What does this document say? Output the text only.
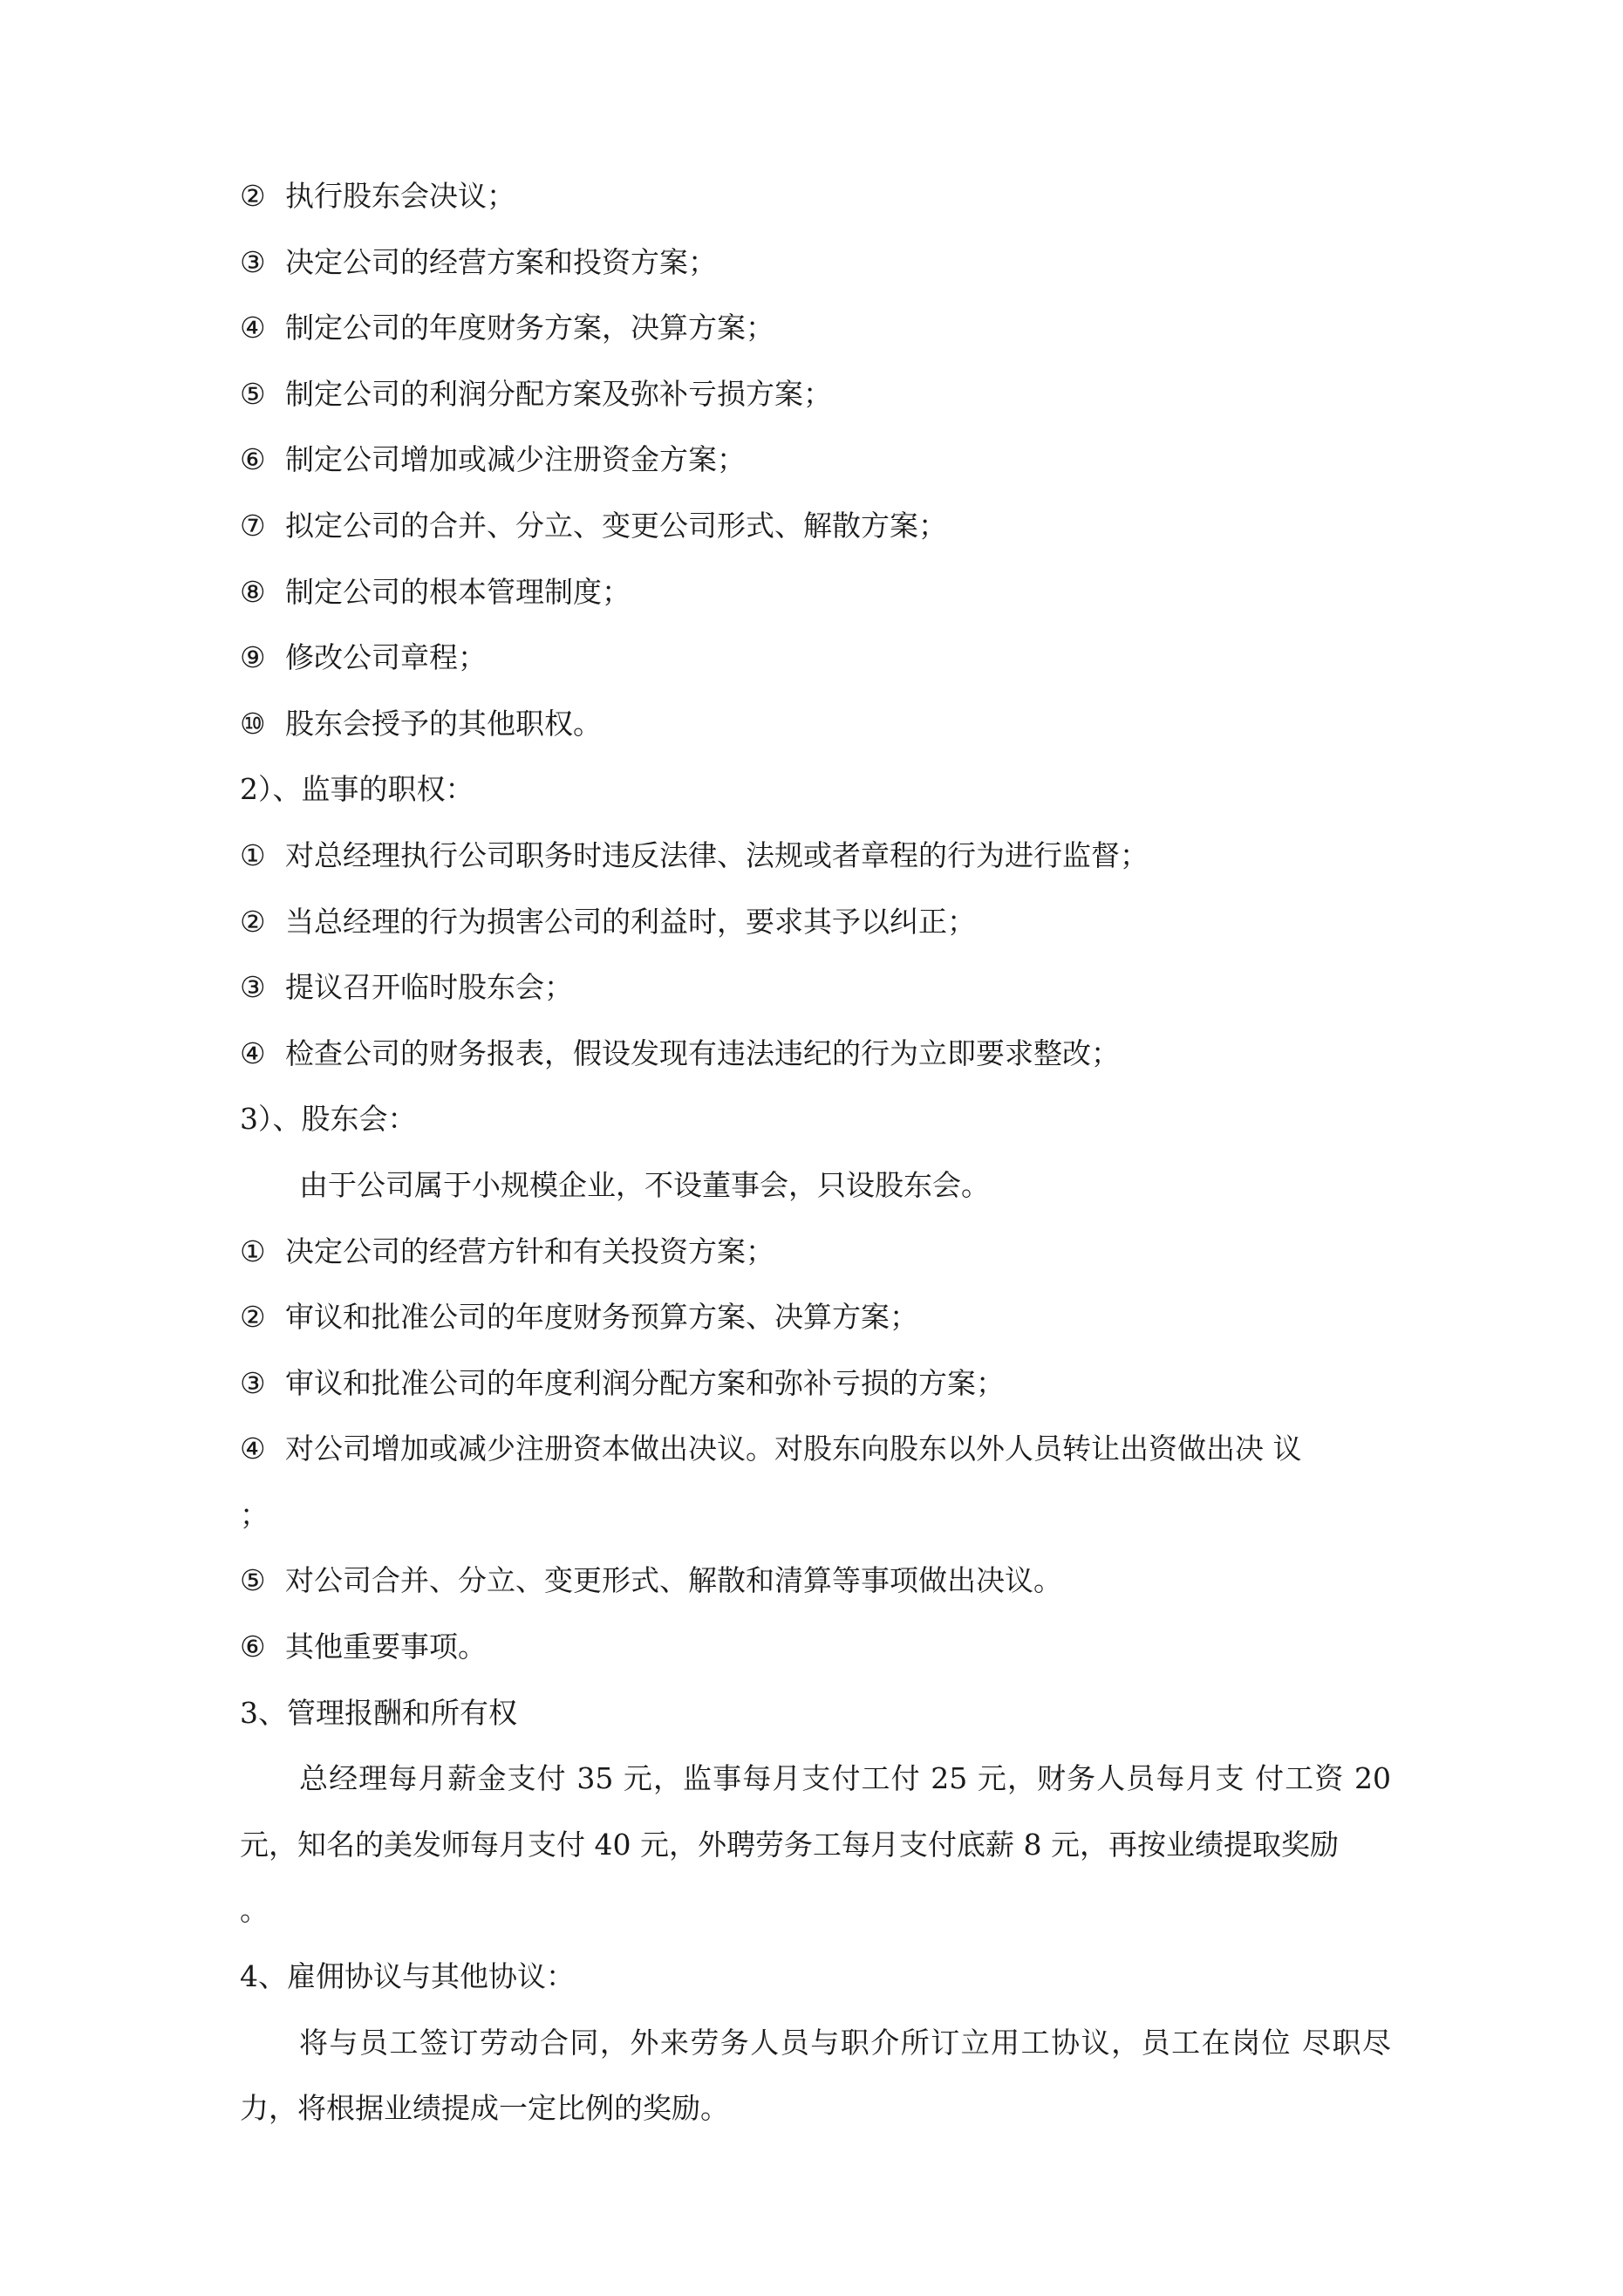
② 执行股东会决议；
③ 决定公司的经营方案和投资方案；
④ 制定公司的年度财务方案，决算方案；
⑤ 制定公司的利润分配方案及弥补亏损方案；
⑥ 制定公司增加或减少注册资金方案；
⑦ 拟定公司的合并、分立、变更公司形式、解散方案；
⑧ 制定公司的根本管理制度；
⑨ 修改公司章程；
⑩ 股东会授予的其他职权。
2）、监事的职权：
① 对总经理执行公司职务时违反法律、法规或者章程的行为进行监督；
② 当总经理的行为损害公司的利益时，要求其予以纠正；
③ 提议召开临时股东会；
④ 检查公司的财务报表，假设发现有违法违纪的行为立即要求整改；
3）、股东会：
由于公司属于小规模企业，不设董事会，只设股东会。
① 决定公司的经营方针和有关投资方案；
② 审议和批准公司的年度财务预算方案、决算方案；
③ 审议和批准公司的年度利润分配方案和弥补亏损的方案；
④ 对公司增加或减少注册资本做出决议。对股东向股东以外人员转让出资做出决 议
；
⑤ 对公司合并、分立、变更形式、解散和清算等事项做出决议。
⑥ 其他重要事项。
3、管理报酬和所有权
总经理每月薪金支付 35 元，监事每月支付工付 25 元，财务人员每月支 付工资 20 元，知名的美发师每月支付 40 元，外聘劳务工每月支付底薪 8 元，再按业绩提取奖励
。
4、雇佣协议与其他协议：
将与员工签订劳动合同，外来劳务人员与职介所订立用工协议，员工在岗位 尽职尽力，将根据业绩提成一定比例的奖励。
